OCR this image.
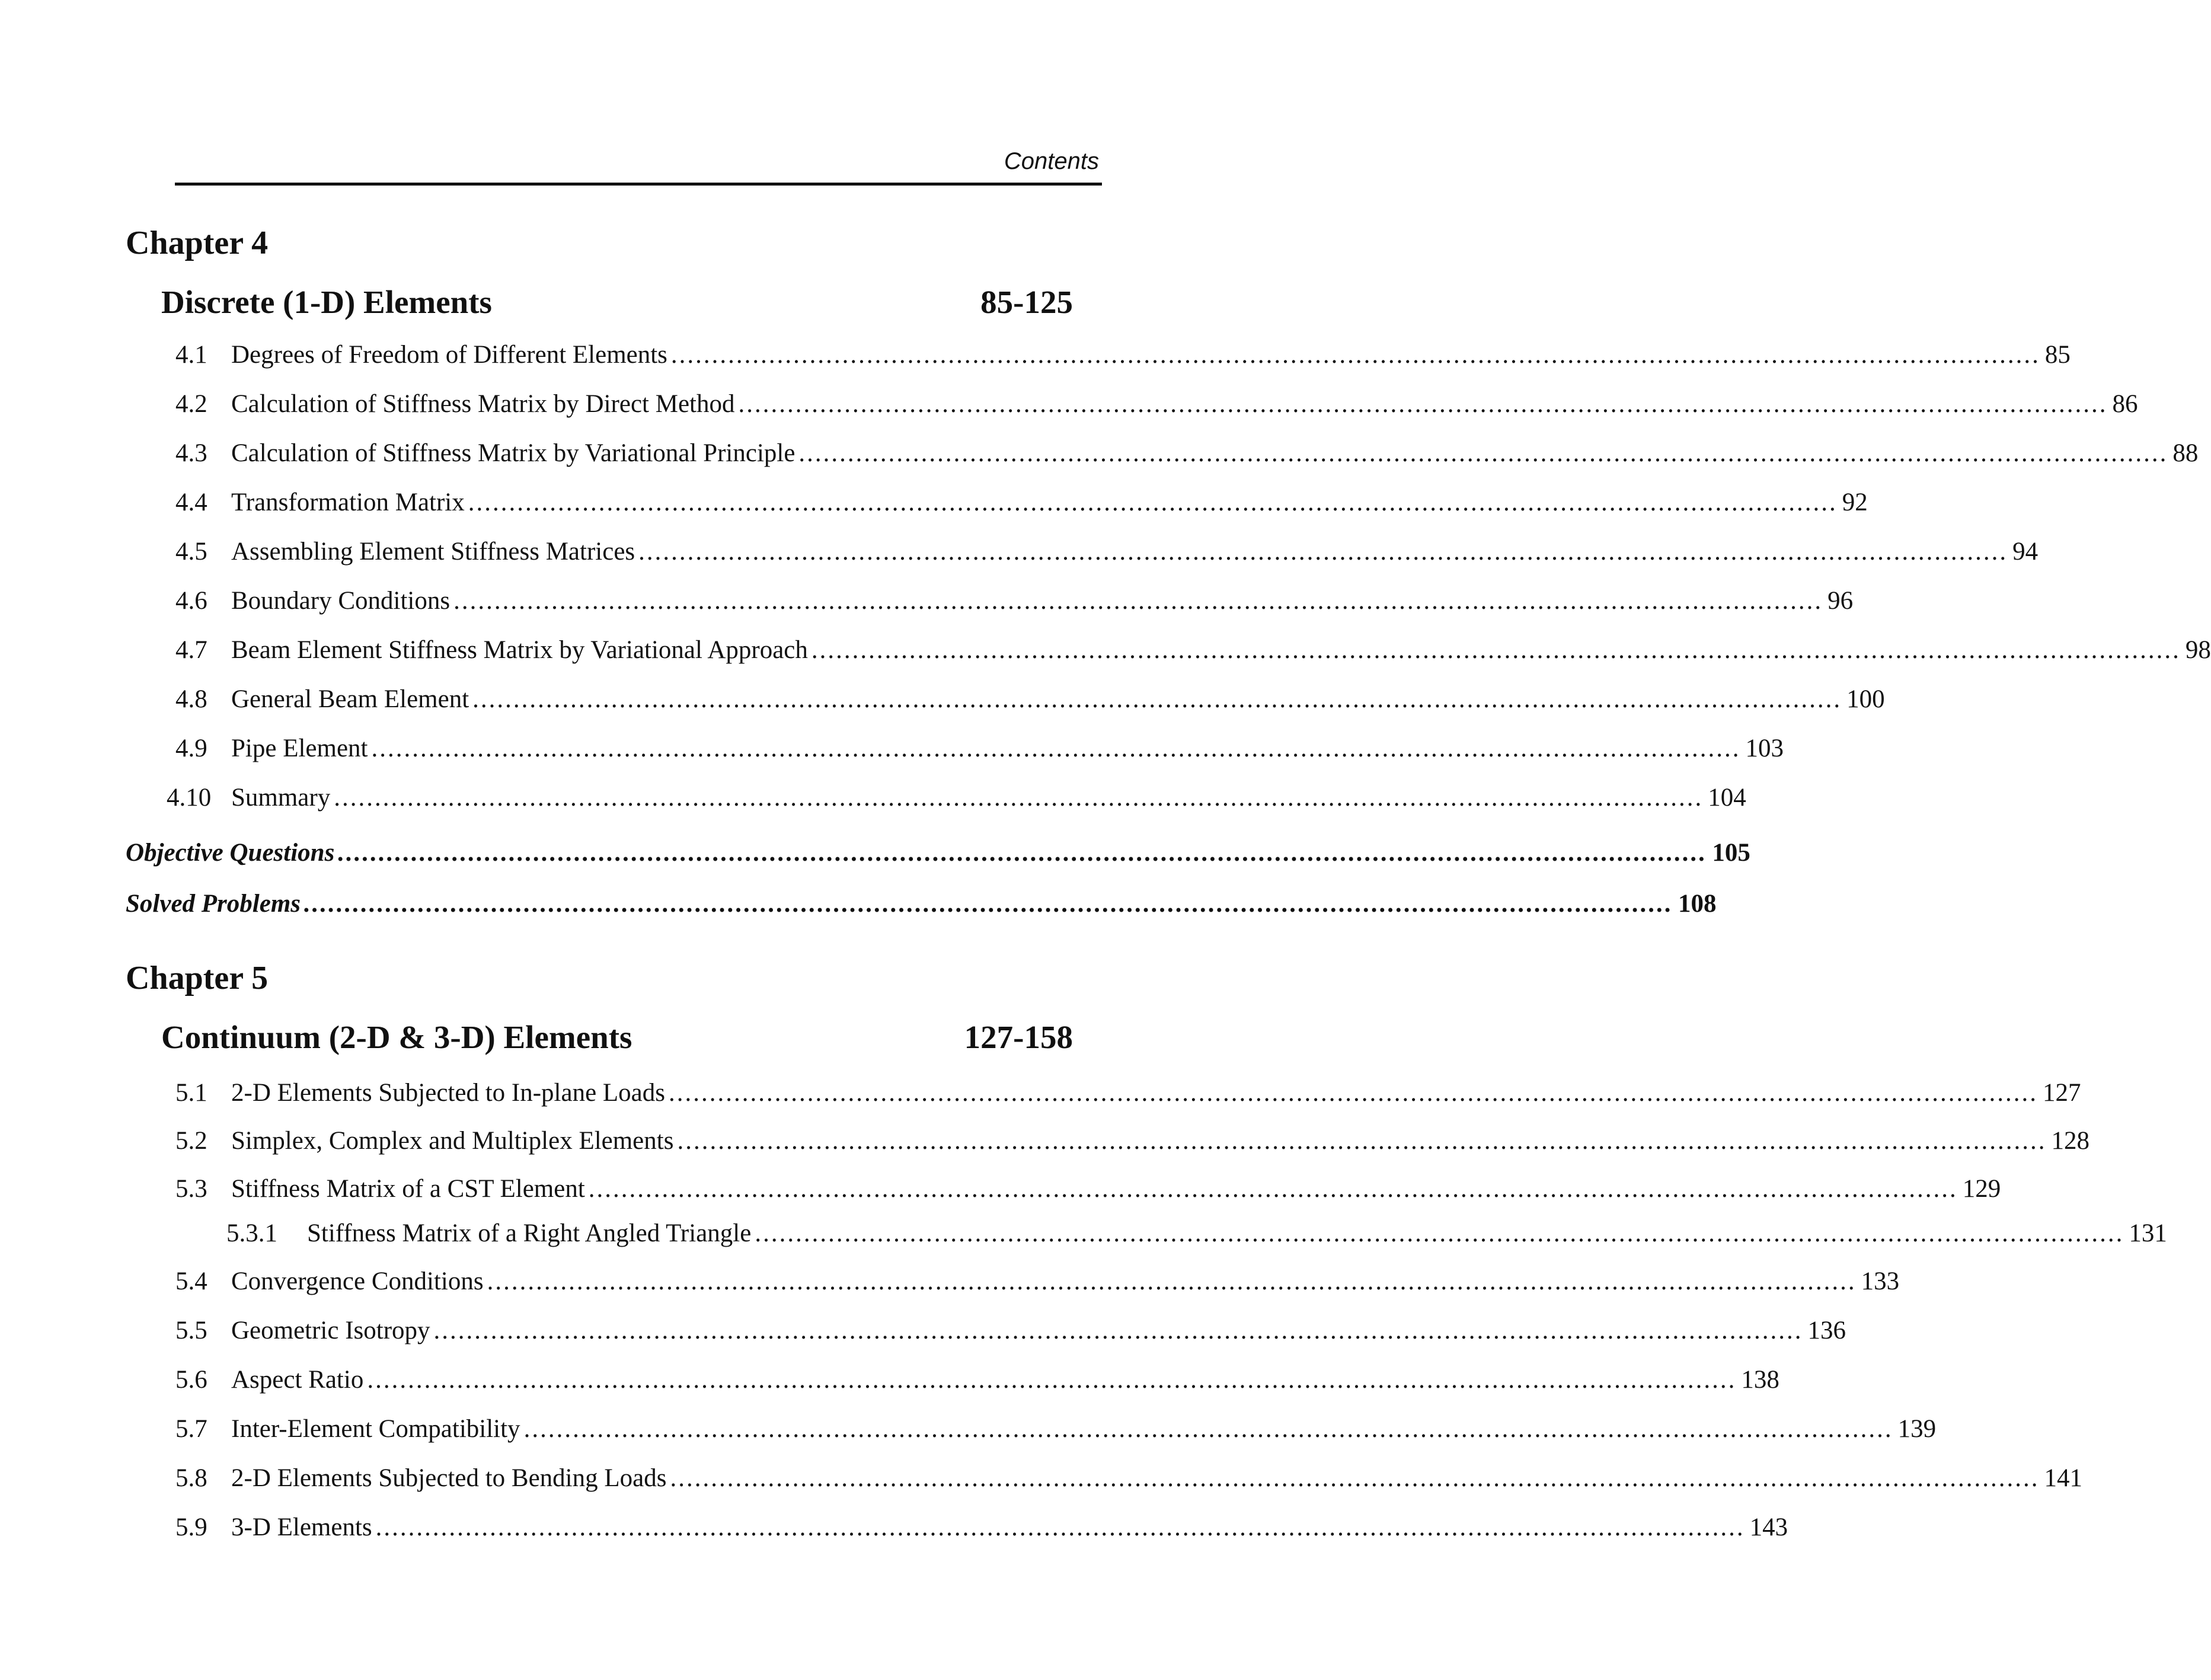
Contents
Chapter 4
Discrete (1-D) Elements	85-125
4.1 Degrees of Freedom of Different Elements ........................................................................................................................................................................ 85
4.2 Calculation of Stiffness Matrix by Direct Method ........................................................................................................................................................................ 86
4.3 Calculation of Stiffness Matrix by Variational Principle ........................................................................................................................................................................ 88
4.4 Transformation Matrix ........................................................................................................................................................................ 92
4.5 Assembling Element Stiffness Matrices ........................................................................................................................................................................ 94
4.6 Boundary Conditions ........................................................................................................................................................................ 96
4.7 Beam Element Stiffness Matrix by Variational Approach ........................................................................................................................................................................ 98
4.8 General Beam Element ........................................................................................................................................................................ 100
4.9 Pipe Element ........................................................................................................................................................................ 103
4.10 Summary ........................................................................................................................................................................ 104
Objective Questions ........................................................................................................................................................................ 105
Solved Problems ........................................................................................................................................................................ 108
Chapter 5
Continuum (2-D & 3-D) Elements	127-158
5.1 2-D Elements Subjected to In-plane Loads ........................................................................................................................................................................ 127
5.2 Simplex, Complex and Multiplex Elements ........................................................................................................................................................................ 128
5.3 Stiffness Matrix of a CST Element ........................................................................................................................................................................ 129
5.3.1	Stiffness Matrix of a Right Angled Triangle ........................................................................................................................................................................ 131
5.4 Convergence Conditions ........................................................................................................................................................................ 133
5.5 Geometric Isotropy ........................................................................................................................................................................ 136
5.6 Aspect Ratio ........................................................................................................................................................................ 138
5.7 Inter-Element Compatibility ........................................................................................................................................................................ 139
5.8 2-D Elements Subjected to Bending Loads ........................................................................................................................................................................ 141
5.9 3-D Elements ........................................................................................................................................................................ 143
